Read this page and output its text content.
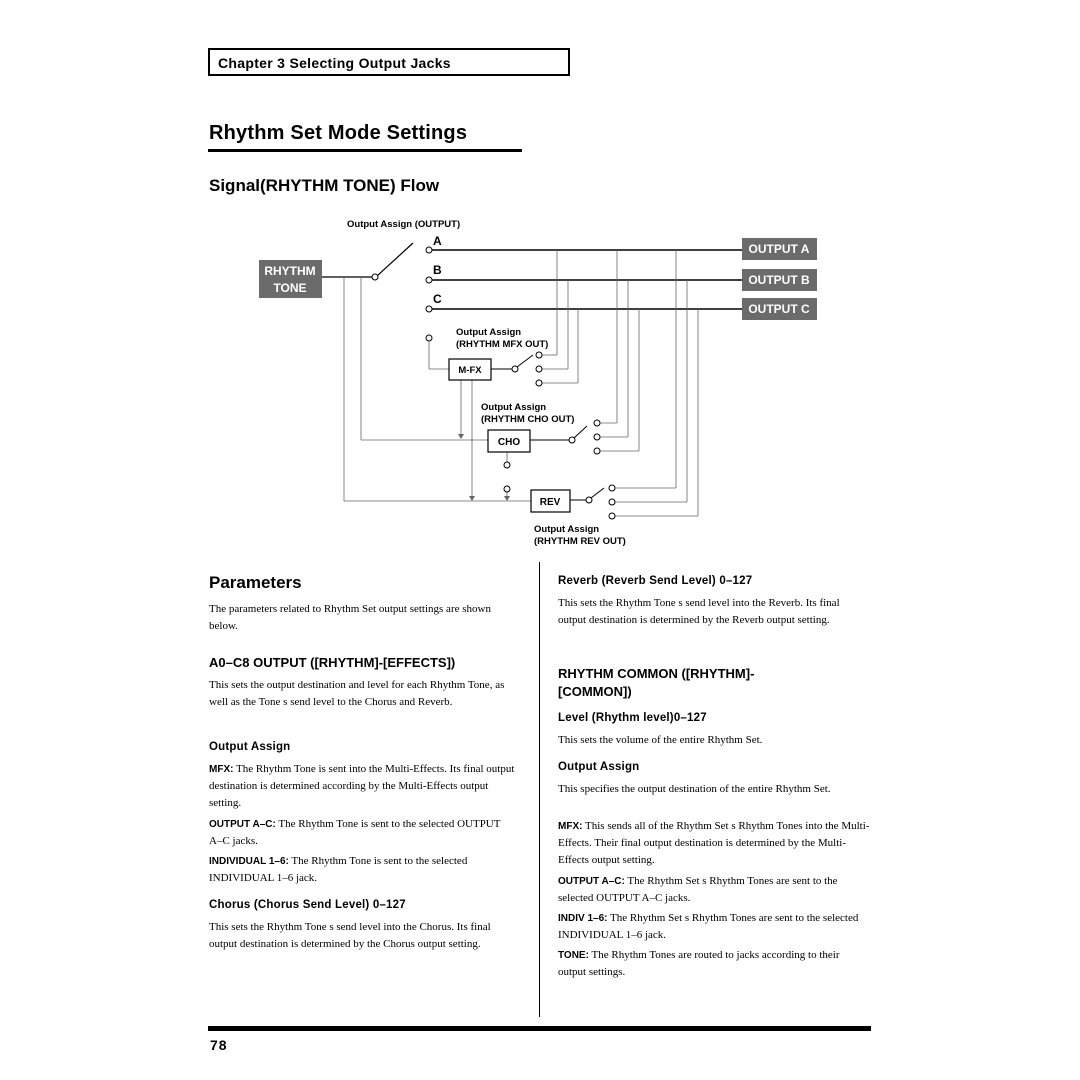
Chapter 3 Selecting Output Jacks
Rhythm Set Mode Settings
Signal(RHYTHM TONE) Flow
RHYTHM
TONE
M-FX
CHO
REV
OUTPUT A
OUTPUT B
OUTPUT C
Output Assign (OUTPUT)
A
B
C
Output Assign
(RHYTHM MFX OUT)
Output Assign
(RHYTHM CHO OUT)
Output Assign
(RHYTHM REV OUT)
Parameters

The parameters related to Rhythm Set output settings are shown below.

A0–C8 OUTPUT ([RHYTHM]-[EFFECTS])

This sets the output destination and level for each Rhythm Tone, as well as the Tone s send level to the Chorus and Reverb.

Output Assign

MFX: The Rhythm Tone is sent into the Multi-Effects. Its final output destination is determined according by the Multi-Effects output setting.

OUTPUT A–C: The Rhythm Tone is sent to the selected OUTPUT A–C jacks.

INDIVIDUAL 1–6: The Rhythm Tone is sent to the selected INDIVIDUAL 1–6 jack.

Chorus (Chorus Send Level) 0–127

This sets the Rhythm Tone s send level into the Chorus. Its final output destination is determined by the Chorus output setting.

Reverb (Reverb Send Level) 0–127

This sets the Rhythm Tone s send level into the Reverb. Its final output destination is determined by the Reverb output setting.

RHYTHM COMMON ([RHYTHM]-
[COMMON])
Level (Rhythm level)0–127

This sets the volume of the entire Rhythm Set.

Output Assign

This specifies the output destination of the entire Rhythm Set.

MFX: This sends all of the Rhythm Set s Rhythm Tones into the Multi-Effects. Their final output destination is determined by the Multi-Effects output setting.

OUTPUT A–C: The Rhythm Set s Rhythm Tones are sent to the selected OUTPUT A–C jacks.

INDIV 1–6: The Rhythm Set s Rhythm Tones are sent to the selected INDIVIDUAL 1–6 jack.

TONE: The Rhythm Tones are routed to jacks according to their output settings.

78
